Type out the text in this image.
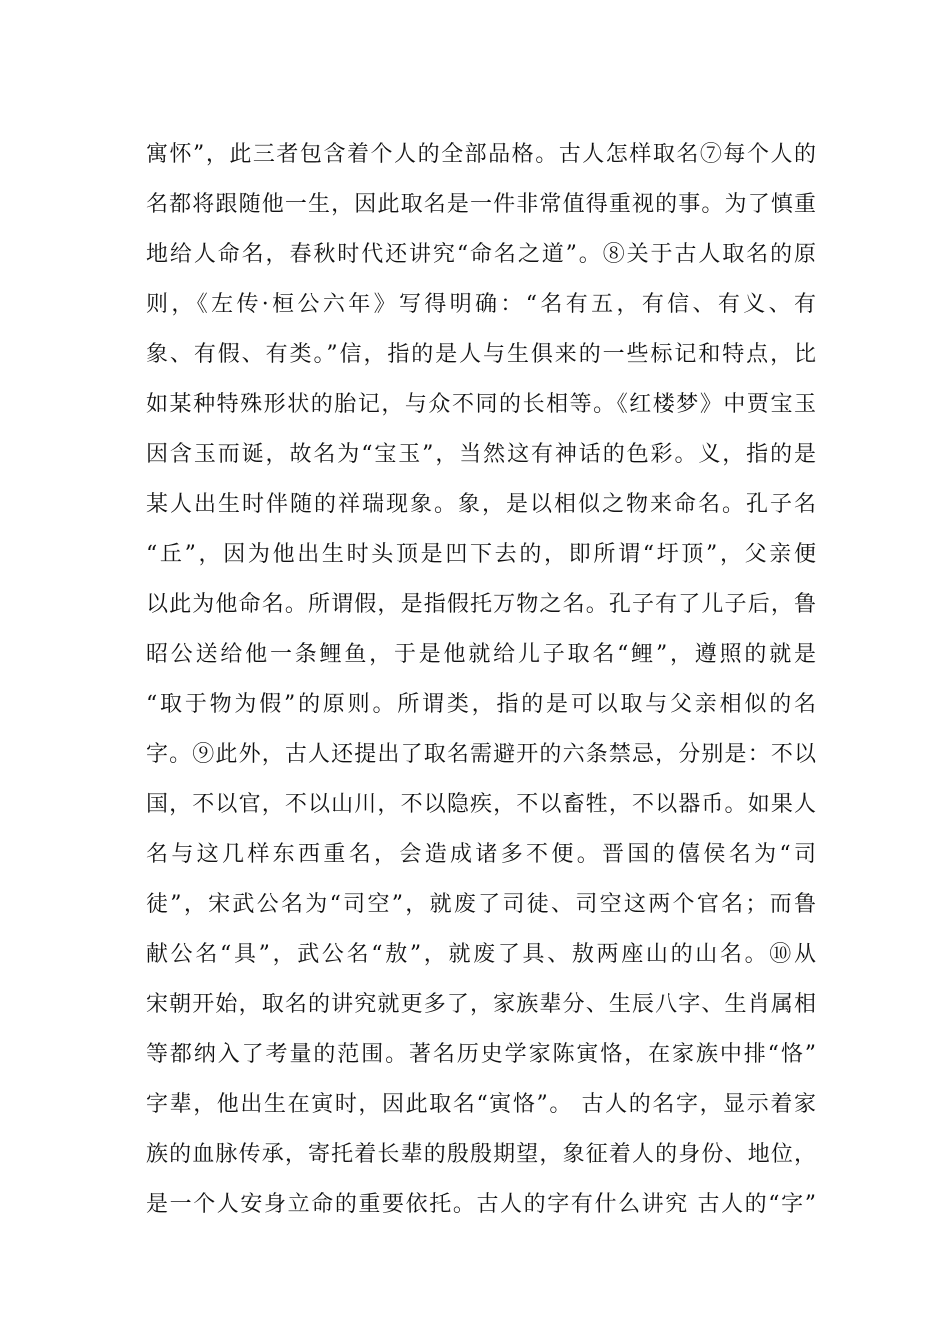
寓怀”，此三者包含着个人的全部品格。古人怎样取名⑦每个人的
名都将跟随他一生，因此取名是一件非常值得重视的事。为了慎重
地给人命名，春秋时代还讲究“命名之道”。⑧关于古人取名的原
则，《左传·桓公六年》写得明确：“名有五，有信、有义、有
象、有假、有类。”信，指的是人与生俱来的一些标记和特点，比
如某种特殊形状的胎记，与众不同的长相等。《红楼梦》中贾宝玉
因含玉而诞，故名为“宝玉”，当然这有神话的色彩。义，指的是
某人出生时伴随的祥瑞现象。象，是以相似之物来命名。孔子名
“丘”，因为他出生时头顶是凹下去的，即所谓“圩顶”，父亲便
以此为他命名。所谓假，是指假托万物之名。孔子有了儿子后，鲁
昭公送给他一条鲤鱼，于是他就给儿子取名“鲤”，遵照的就是
“取于物为假”的原则。所谓类，指的是可以取与父亲相似的名
字。⑨此外，古人还提出了取名需避开的六条禁忌，分别是：不以
国，不以官，不以山川，不以隐疾，不以畜牲，不以器币。如果人
名与这几样东西重名，会造成诸多不便。晋国的僖侯名为“司
徒”，宋武公名为“司空”，就废了司徒、司空这两个官名；而鲁
献公名“具”，武公名“敖”，就废了具、敖两座山的山名。⑩从
宋朝开始，取名的讲究就更多了，家族辈分、生辰八字、生肖属相
等都纳入了考量的范围。著名历史学家陈寅恪，在家族中排“恪”
字辈，他出生在寅时，因此取名“寅恪”。 古人的名字，显示着家
族的血脉传承，寄托着长辈的殷殷期望，象征着人的身份、地位，
是一个人安身立命的重要依托。古人的字有什么讲究 古人的“字”
